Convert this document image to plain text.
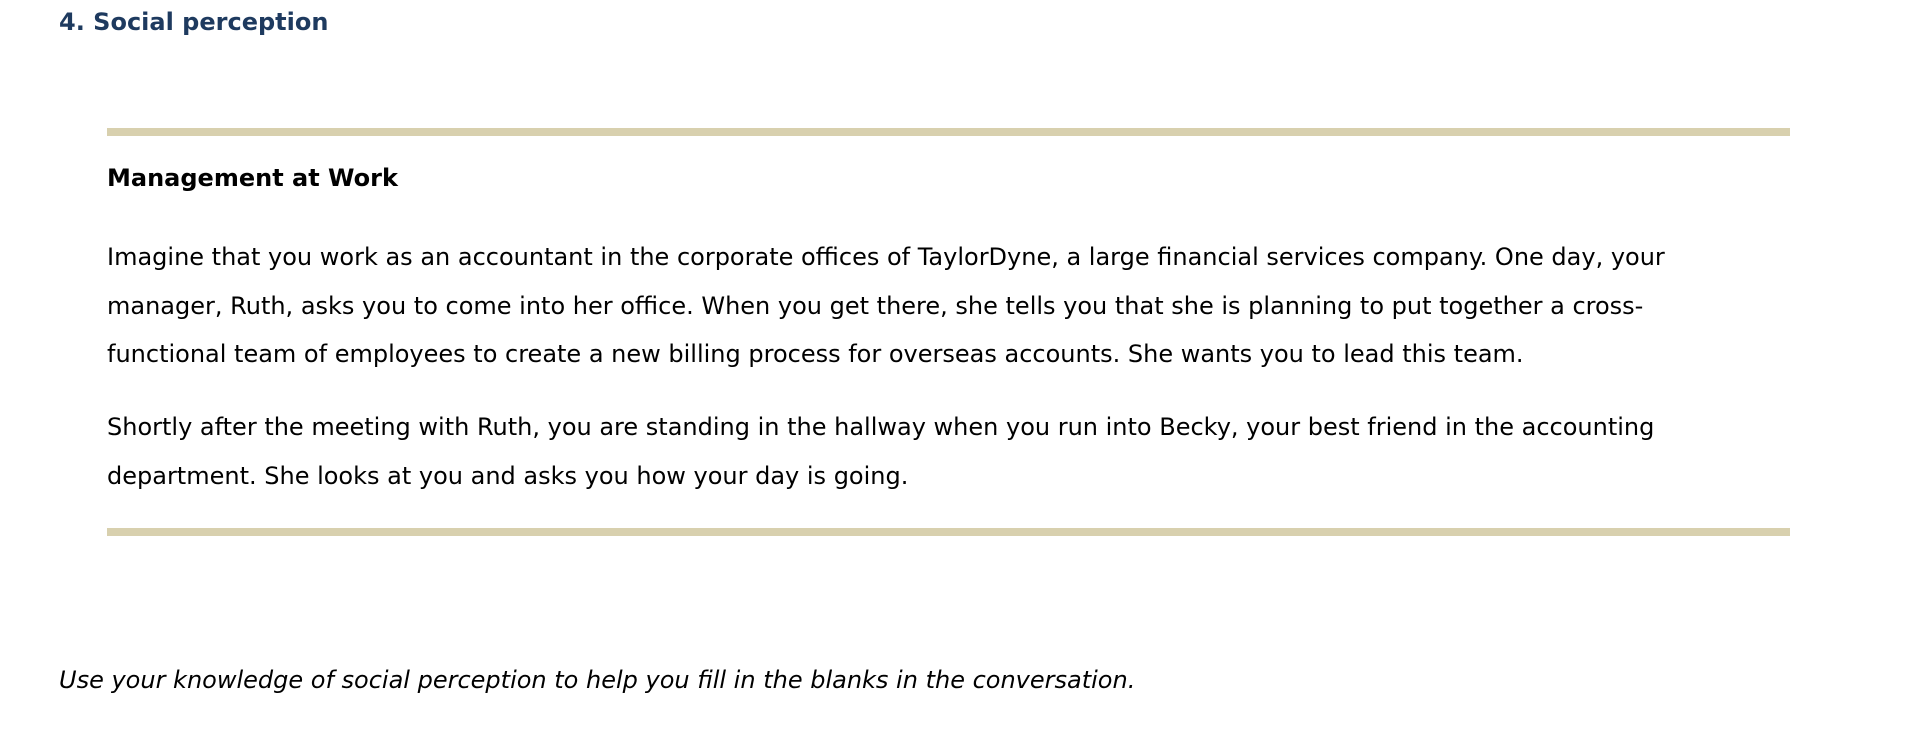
4. Social perception
Management at Work

Imagine that you work as an accountant in the corporate offices of TaylorDyne, a large financial services company. One day, your
manager, Ruth, asks you to come into her office. When you get there, she tells you that she is planning to put together a cross-
functional team of employees to create a new billing process for overseas accounts. She wants you to lead this team.

Shortly after the meeting with Ruth, you are standing in the hallway when you run into Becky, your best friend in the accounting
department. She looks at you and asks you how your day is going.

Use your knowledge of social perception to help you fill in the blanks in the conversation.
